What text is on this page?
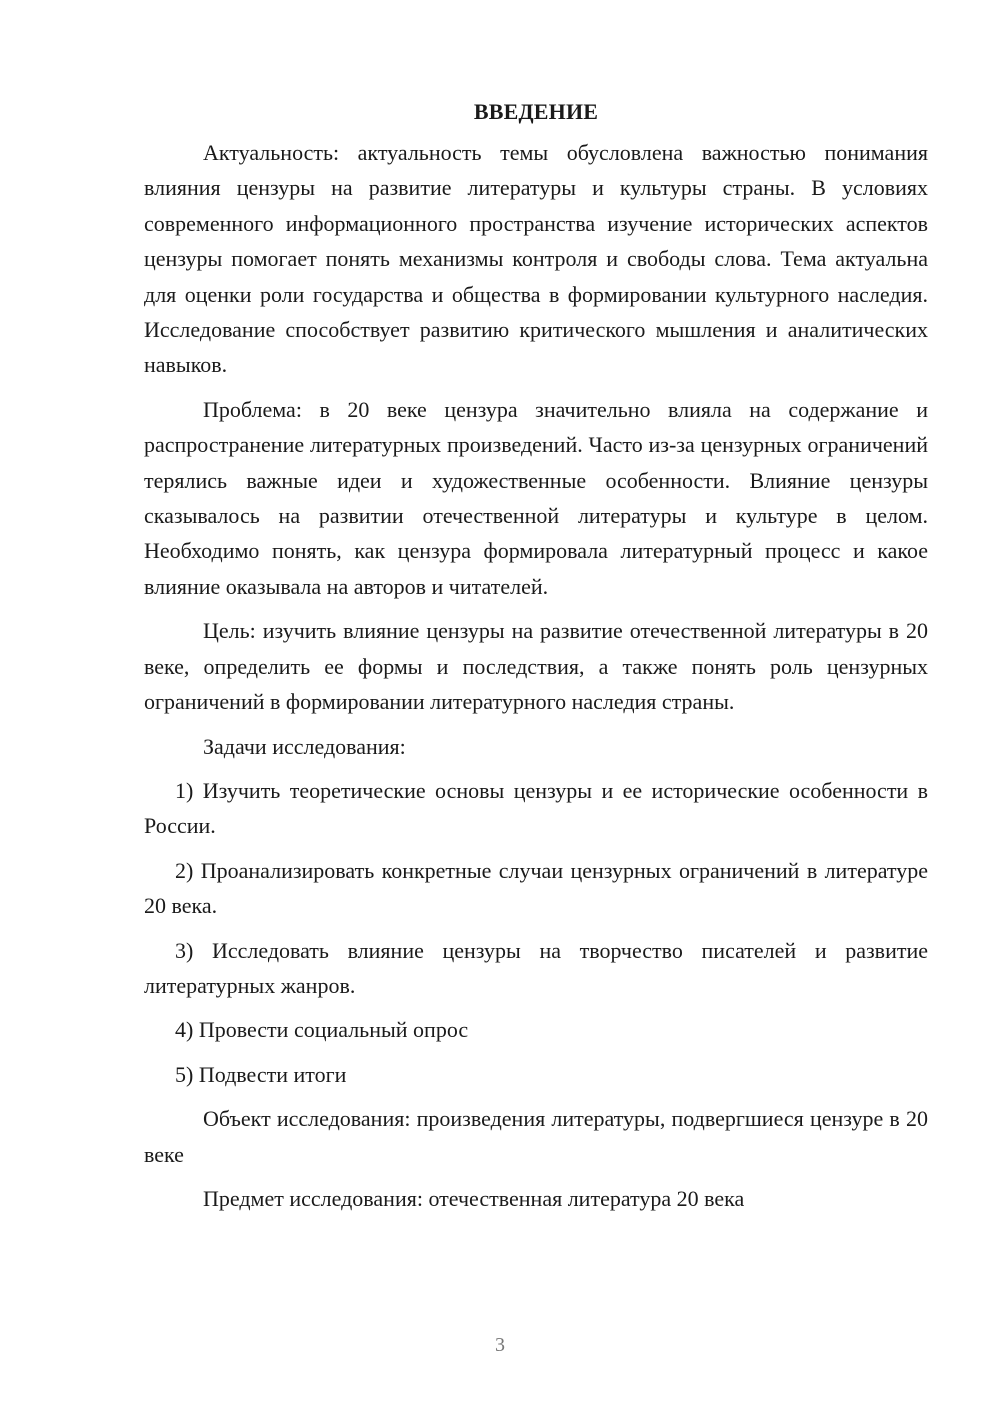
ВВЕДЕНИЕ

Актуальность: актуальность темы обусловлена важностью понимания влияния цензуры на развитие литературы и культуры страны. В условиях современного информационного пространства изучение исторических аспектов цензуры помогает понять механизмы контроля и свободы слова. Тема актуальна для оценки роли государства и общества в формировании культурного наследия. Исследование способствует развитию критического мышления и аналитических навыков.

Проблема: в 20 веке цензура значительно влияла на содержание и распространение литературных произведений. Часто из-за цензурных ограничений терялись важные идеи и художественные особенности. Влияние цензуры сказывалось на развитии отечественной литературы и культуре в целом. Необходимо понять, как цензура формировала литературный процесс и какое влияние оказывала на авторов и читателей.

Цель: изучить влияние цензуры на развитие отечественной литературы в 20 веке, определить ее формы и последствия, а также понять роль цензурных ограничений в формировании литературного наследия страны.

Задачи исследования:

1) Изучить теоретические основы цензуры и ее исторические особенности в России.

2) Проанализировать конкретные случаи цензурных ограничений в литературе 20 века.

3) Исследовать влияние цензуры на творчество писателей и развитие литературных жанров.

4) Провести социальный опрос

5) Подвести итоги

Объект исследования: произведения литературы, подвергшиеся цензуре в 20 веке

Предмет исследования: отечественная литература 20 века

3
